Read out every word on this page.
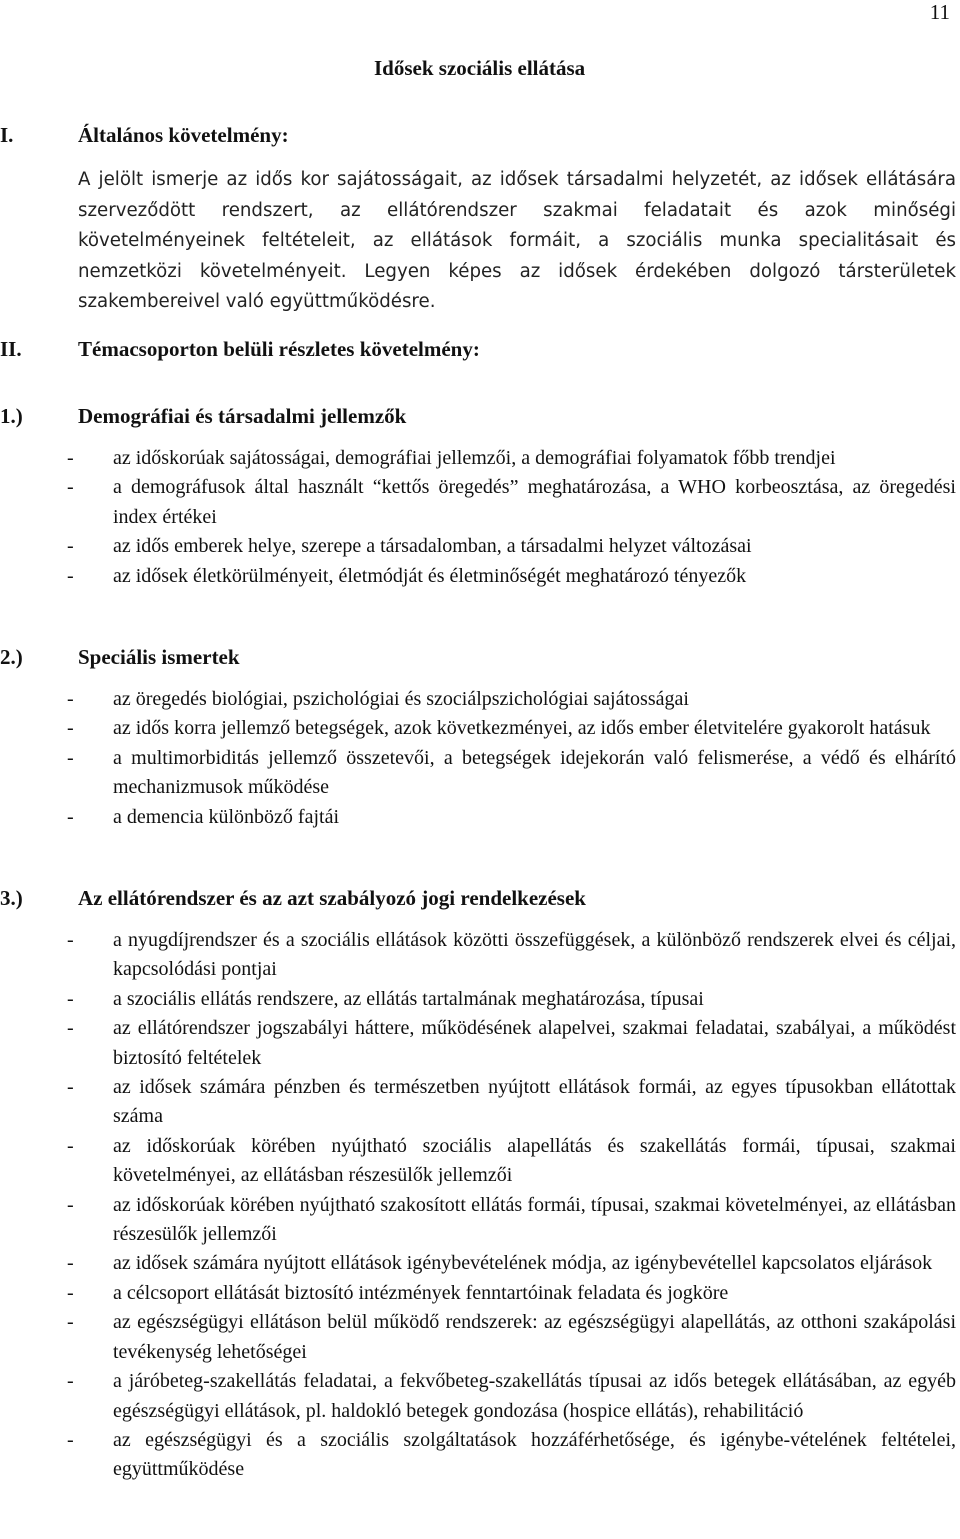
11
Idősek szociális ellátása
I.	Általános követelmény:
A jelölt ismerje az idős kor sajátosságait, az idősek társadalmi helyzetét, az idősek ellátására szerveződött rendszert, az ellátórendszer szakmai feladatait és azok minőségi követelményeinek feltételeit, az ellátások formáit, a szociális munka specialitásait és nemzetközi követelményeit. Legyen képes az idősek érdekében dolgozó társterületek szakembereivel való együttműködésre.
II.	Témacsoporton belüli részletes követelmény:
1.)	Demográfiai és társadalmi jellemzők
- az időskorúak sajátosságai, demográfiai jellemzői, a demográfiai folyamatok főbb trendjei
- a demográfusok által használt “kettős öregedés” meghatározása, a WHO korbeosztása, az öregedési index értékei
- az idős emberek helye, szerepe a társadalomban, a társadalmi helyzet változásai
- az idősek életkörülményeit, életmódját és életminőségét meghatározó tényezők
2.)	Speciális ismertek
- az öregedés biológiai, pszichológiai és szociálpszichológiai sajátosságai
- az idős korra jellemző betegségek, azok következményei, az idős ember életvitelére gyakorolt hatásuk
- a multimorbiditás jellemző összetevői, a betegségek idejekorán való felismerése, a védő és elhárító mechanizmusok működése
- a demencia különböző fajtái
3.)	Az ellátórendszer és az azt szabályozó jogi rendelkezések
- a nyugdíjrendszer és a szociális ellátások közötti összefüggések, a különböző rendszerek elvei és céljai, kapcsolódási pontjai
- a szociális ellátás rendszere, az ellátás tartalmának meghatározása, típusai
- az ellátórendszer jogszabályi háttere, működésének alapelvei, szakmai feladatai, szabályai, a működést biztosító feltételek
- az idősek számára pénzben és természetben nyújtott ellátások formái, az egyes típusokban ellátottak száma
- az időskorúak körében nyújtható szociális alapellátás és szakellátás formái, típusai, szakmai követelményei, az ellátásban részesülők jellemzői
- az időskorúak körében nyújtható szakosított ellátás formái, típusai, szakmai követelményei, az ellátásban részesülők jellemzői
- az idősek számára nyújtott ellátások igénybevételének módja, az igénybevétellel kapcsolatos eljárások
- a célcsoport ellátását biztosító intézmények fenntartóinak feladata és jogköre
- az egészségügyi ellátáson belül működő rendszerek: az egészségügyi alapellátás, az otthoni szakápolási tevékenység lehetőségei
- a járóbeteg-szakellátás feladatai, a fekvőbeteg-szakellátás típusai az idős betegek ellátásában, az egyéb egészségügyi ellátások, pl. haldokló betegek gondozása (hospice ellátás), rehabilitáció
- az egészségügyi és a szociális szolgáltatások hozzáférhetősége, és igénybe-vételének feltételei, együttműködése
